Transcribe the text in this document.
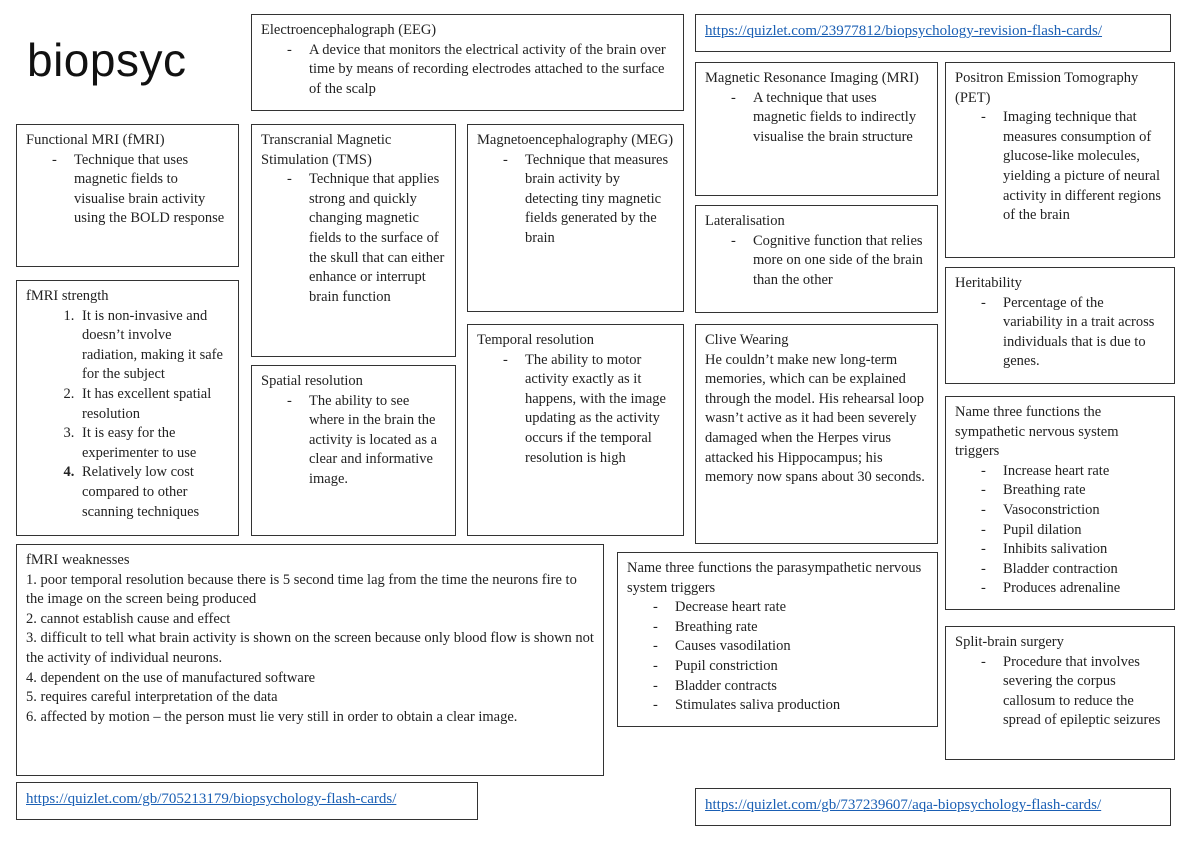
biopsyc
Electroencephalograph (EEG)
- A device that monitors the electrical activity of the brain over time by means of recording electrodes attached to the surface of the scalp
https://quizlet.com/23977812/biopsychology-revision-flash-cards/
Magnetic Resonance Imaging (MRI)
- A technique that uses magnetic fields to indirectly visualise the brain structure
Positron Emission Tomography (PET)
- Imaging technique that measures consumption of glucose-like molecules, yielding a picture of neural activity in different regions of the brain
Functional MRI (fMRI)
- Technique that uses magnetic fields to visualise brain activity using the BOLD response
Transcranial Magnetic Stimulation (TMS)
- Technique that applies strong and quickly changing magnetic fields to the surface of the skull that can either enhance or interrupt brain function
Magnetoencephalography (MEG)
- Technique that measures brain activity by detecting tiny magnetic fields generated by the brain
Lateralisation
- Cognitive function that relies more on one side of the brain than the other	Heritability
- Percentage of the variability in a trait across individuals that is due to genes.
fMRI strength
1. It is non-invasive and doesn’t involve radiation, making it safe for the subject
2. It has excellent spatial resolution
3. It is easy for the experimenter to use
4. Relatively low cost compared to other scanning techniques
Temporal resolution
- The ability to motor activity exactly as it happens, with the image updating as the activity occurs if the temporal resolution is high
Clive Wearing

He couldn’t make new long-term memories, which can be explained through the model. His rehearsal loop wasn’t active as it had been severely damaged when the Herpes virus attacked his Hippocampus; his memory now spans about 30 seconds.

Spatial resolution
- The ability to see where in the brain the activity is located as a clear and informative image.
Name three functions the sympathetic nervous system triggers
- Increase heart rate
- Breathing rate
- Vasoconstriction
- Pupil dilation
- Inhibits salivation
- Bladder contraction
- Produces adrenaline
fMRI weaknesses
1. poor temporal resolution because there is 5 second time lag from the time the neurons fire to the image on the screen being produced
2. cannot establish cause and effect
3. difficult to tell what brain activity is shown on the screen because only blood flow is shown not the activity of individual neurons.
4. dependent on the use of manufactured software
5. requires careful interpretation of the data
6. affected by motion – the person must lie very still in order to obtain a clear image.
Name three functions the parasympathetic nervous system triggers
- Decrease heart rate
- Breathing rate
- Causes vasodilation
- Pupil constriction
- Bladder contracts
- Stimulates saliva production
Split-brain surgery
- Procedure that involves severing the corpus callosum to reduce the spread of epileptic seizures
https://quizlet.com/gb/705213179/biopsychology-flash-cards/	https://quizlet.com/gb/737239607/aqa-biopsychology-flash-cards/
